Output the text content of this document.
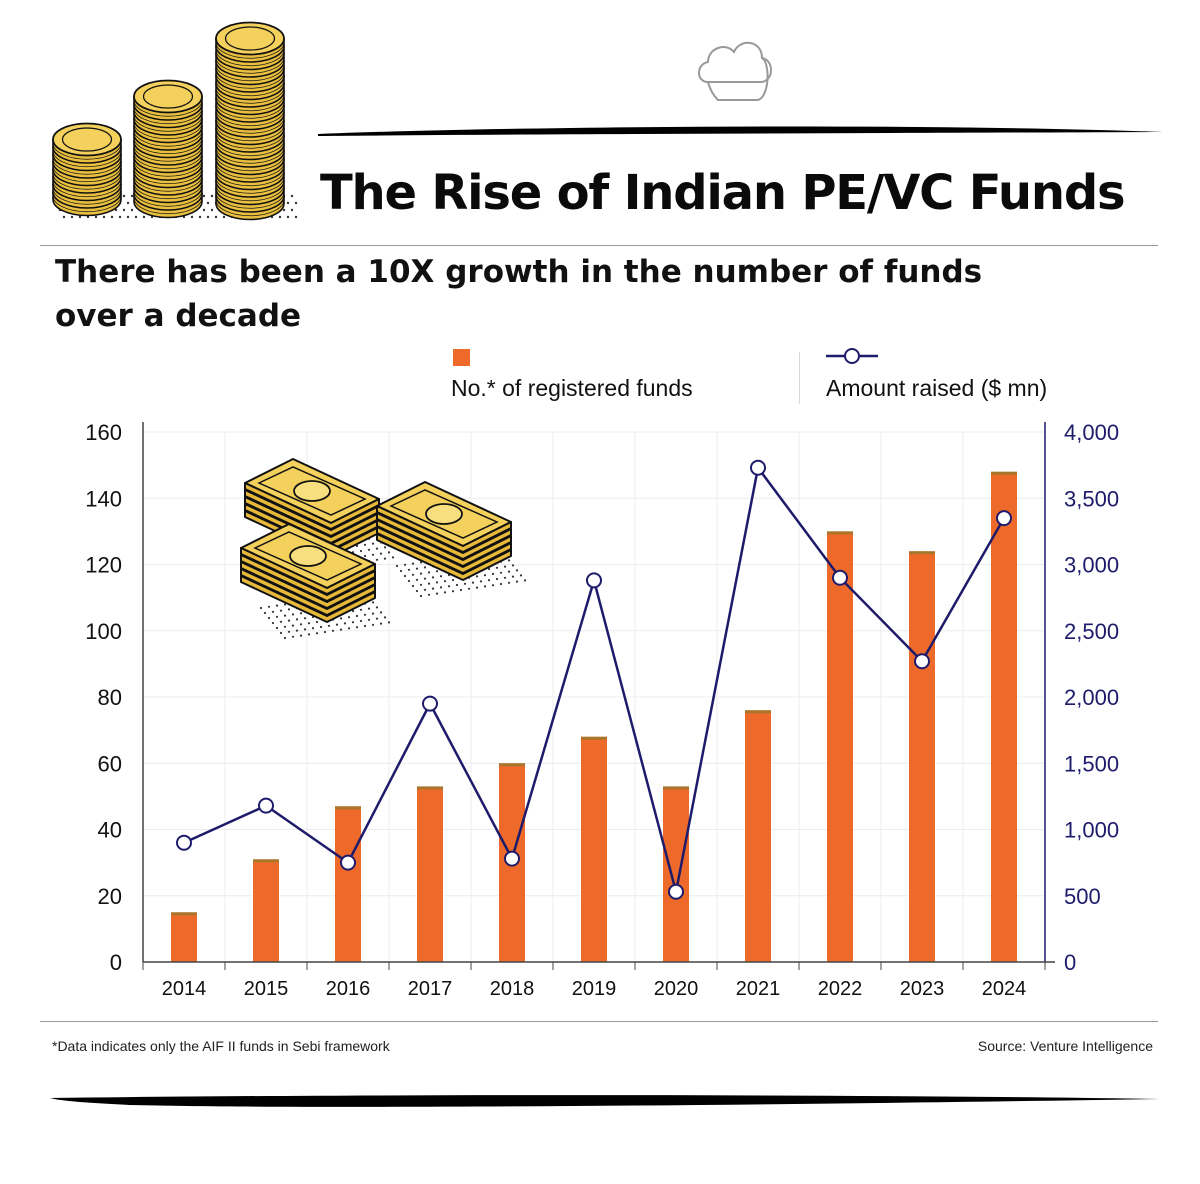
The Rise of Indian PE/VC Funds
There has been a 10X growth in the number of funds over a decade
No.* of registered funds	Amount raised ($ mn)
0
20
40
60
80
100
120
140
160
0
500
1,000
1,500
2,000
2,500
3,000
3,500
4,000
2014 2015 2016 2017 2018 2019 2020 2021 2022 2023 2024
*Data indicates only the AIF II funds in Sebi framework	Source: Venture Intelligence
